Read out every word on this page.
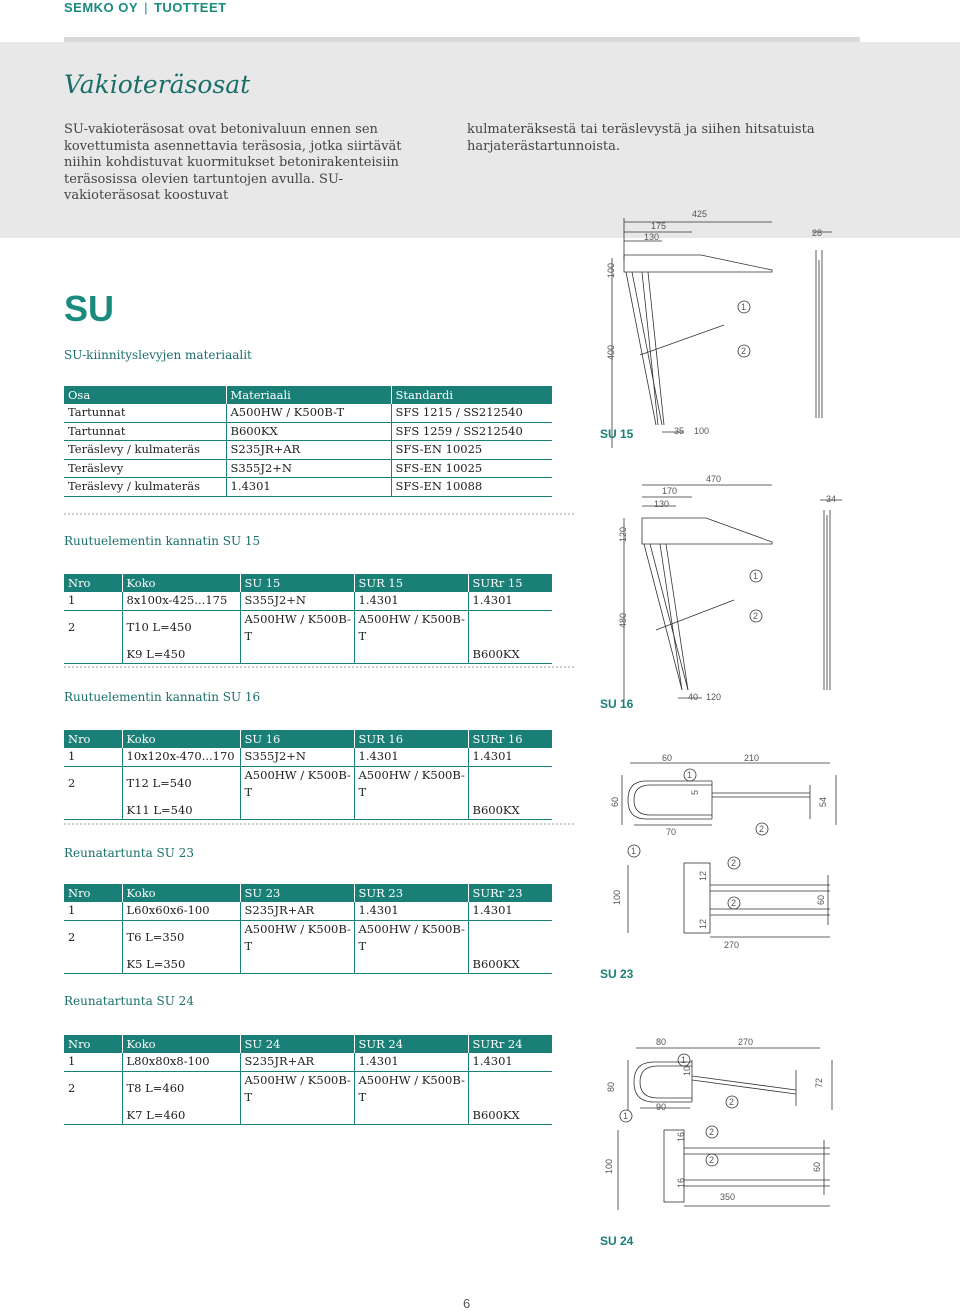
SEMKO OY | TUOTTEET
Vakioteräsosat
SU-vakioteräsosat ovat betonivaluun ennen sen kovettumista asennettavia teräsosia, jotka siirtävät niihin kohdistuvat kuormitukset betonirakenteisiin teräsosissa olevien tartuntojen avulla. SU-vakioteräsosat koostuvat
kulmateräksestä tai teräslevystä ja siihen hitsatuista harjaterästartunnoista.
SU
SU-kiinnityslevyjen materiaalit
Osa	Materiaali	Standardi
Tartunnat	A500HW / K500B-T	SFS 1215 / SS212540
Tartunnat	B600KX	SFS 1259 / SS212540
Teräslevy / kulmateräs	S235JR+AR	SFS-EN 10025
Teräslevy	S355J2+N	SFS-EN 10025
Teräslevy / kulmateräs	1.4301	SFS-EN 10088
Ruutuelementin kannatin SU 15
Nro	Koko	SU 15	SUR 15	SURr 15
1	8x100x-425...175	S355J2+N	1.4301	1.4301
2	T10 L=450	A500HW / K500B-T	A500HW / K500B-T	
	K9 L=450			B600KX
Ruutuelementin kannatin SU 16
Nro	Koko	SU 16	SUR 16	SURr 16
1	10x120x-470...170	S355J2+N	1.4301	1.4301
2	T12 L=540	A500HW / K500B-T	A500HW / K500B-T	
	K11 L=540			B600KX
Reunatartunta SU 23
Nro	Koko	SU 23	SUR 23	SURr 23
1	L60x60x6-100	S235JR+AR	1.4301	1.4301
2	T6 L=350	A500HW / K500B-T	A500HW / K500B-T	
	K5 L=350			B600KX
Reunatartunta SU 24
Nro	Koko	SU 24	SUR 24	SURr 24
1	L80x80x8-100	S235JR+AR	1.4301	1.4301
2	T8 L=460	A500HW / K500B-T	A500HW / K500B-T	
	K7 L=460			B600KX
425
175
130	28
100
400
35 100
1
2
SU 15
470
170
130	34
120
480
40 120
1
2
SU 16
60	210
5
54
60
70
12
100	60
12
270
1
2
1
2
2
SU 23
80	270
10
72
80
90
16
100	60
16
350
1
2
1
2
2
SU 24
6
